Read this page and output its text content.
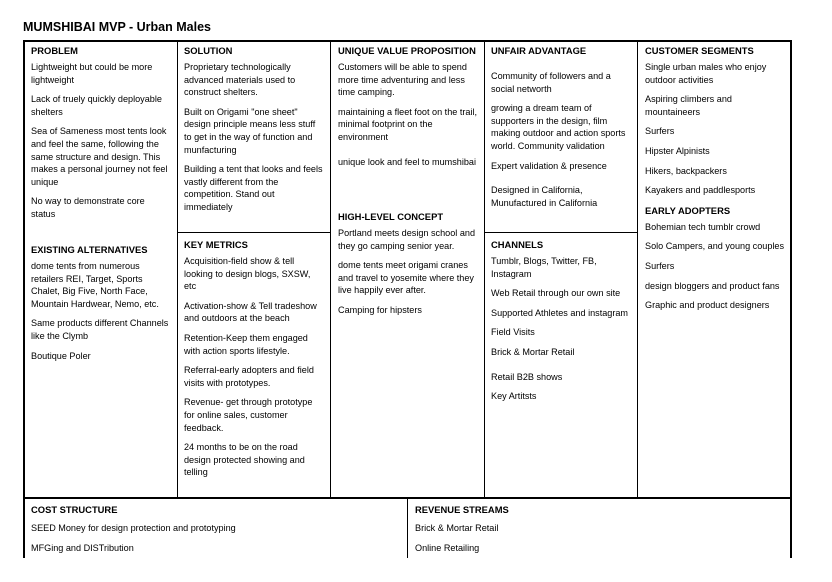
MUMSHIBAI MVP - Urban Males
PROBLEM

Lightweight but could be more lightweight

Lack of truely quickly deployable shelters

Sea of Sameness most tents look and feel the same, following the same structure and design. This makes a personal journey not feel unique

No way to demonstrate core status

EXISTING ALTERNATIVES

dome tents from numerous retailers REI, Target, Sports Chalet, Big Five, North Face, Mountain Hardwear, Nemo, etc.

Same products different Channels like the Clymb

Boutique Poler

SOLUTION

Proprietary technologically advanced materials used to construct shelters.

Built on Origami "one sheet" design principle means less stuff to get in the way of function and munfacturing

Building a tent that looks and feels vastly different from the competition. Stand out immediately

KEY METRICS

Acquisition-field show & tell looking to design blogs, SXSW, etc

Activation-show & Tell tradeshow and outdoors at the beach

Retention-Keep them engaged with action sports lifestyle.

Referral-early adopters and field visits with prototypes.

Revenue- get through prototype for online sales, customer feedback.

24 months to be on the road design protected showing and telling

UNIQUE VALUE PROPOSITION

Customers will be able to spend more time adventuring and less time camping.

maintaining a fleet foot on the trail, minimal footprint on the environment

unique look and feel to mumshibai

HIGH-LEVEL CONCEPT

Portland meets design school and they go camping senior year.

dome tents meet origami cranes and travel to yosemite where they live happily ever after.

Camping for hipsters

UNFAIR ADVANTAGE

Community of followers and a social networth

growing a dream team of supporters in the design, film making outdoor and action sports world. Community validation

Expert validation & presence

Designed in California, Munufactured in California

CHANNELS

Tumblr, Blogs, Twitter, FB, Instagram

Web Retail through our own site

Supported Athletes and instagram

Field Visits

Brick & Mortar Retail

Retail B2B shows

Key Artitsts

CUSTOMER SEGMENTS

Single urban males who enjoy outdoor activities

Aspiring climbers and mountaineers

Surfers

Hipster Alpinists

Hikers, backpackers

Kayakers and paddlesports

EARLY ADOPTERS

Bohemian tech tumblr crowd

Solo Campers, and young couples

Surfers

design bloggers and product fans

Graphic and product designers

COST STRUCTURE

SEED Money for design protection and prototyping

MFGing and DISTribution

REVENUE STREAMS

Brick & Mortar Retail

Online Retailing
